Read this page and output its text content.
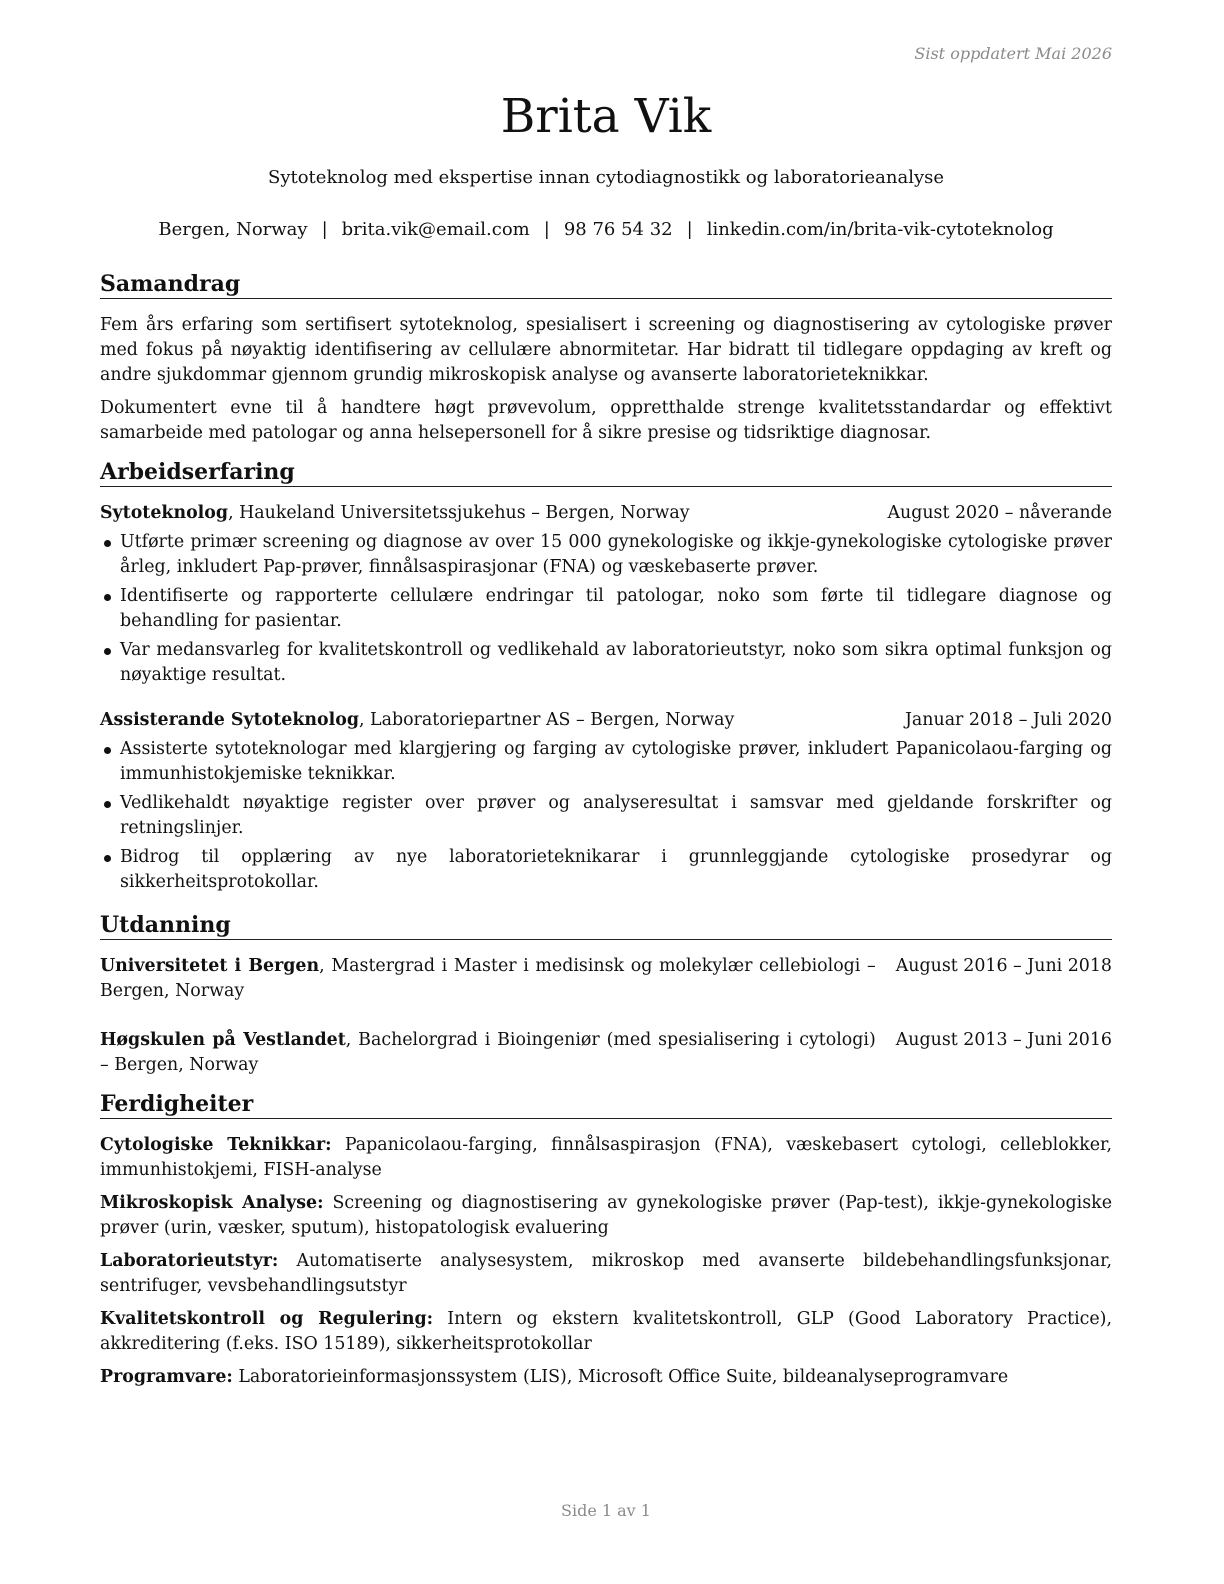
Sist oppdatert Mai 2026
Brita Vik
Sytoteknolog med ekspertise innan cytodiagnostikk og laboratorieanalyse
Bergen, Norway | brita.vik@email.com | 98 76 54 32 | linkedin.com/in/brita-vik-cytoteknolog
Samandrag

Fem års erfaring som sertifisert sytoteknolog, spesialisert i screening og diagnostisering av cytologiske prøver med fokus på nøyaktig identifisering av cellulære abnormitetar. Har bidratt til tidlegare oppdaging av kreft og andre sjukdommar gjennom grundig mikroskopisk analyse og avanserte laboratorieteknikkar.

Dokumentert evne til å handtere høgt prøvevolum, oppretthalde strenge kvalitetsstandardar og effektivt samarbeide med patologar og anna helsepersonell for å sikre presise og tidsriktige diagnosar.

Arbeidserfaring
Sytoteknolog, Haukeland Universitetssjukehus – Bergen, Norway	August 2020 – nåverande
Utførte primær screening og diagnose av over 15 000 gynekologiske og ikkje-gynekologiske cytologiske prøver årleg, inkludert Pap-prøver, finnålsaspirasjonar (FNA) og væskebaserte prøver.
Identifiserte og rapporterte cellulære endringar til patologar, noko som førte til tidlegare diagnose og behandling for pasientar.
Var medansvarleg for kvalitetskontroll og vedlikehald av laboratorieutstyr, noko som sikra optimal funksjon og nøyaktige resultat.
Assisterande Sytoteknolog, Laboratoriepartner AS – Bergen, Norway	Januar 2018 – Juli 2020
Assisterte sytoteknologar med klargjering og farging av cytologiske prøver, inkludert Papanicolaou-farging og immunhistokjemiske teknikkar.
Vedlikehaldt nøyaktige register over prøver og analyseresultat i samsvar med gjeldande forskrifter og retningslinjer.
Bidrog til opplæring av nye laboratorieteknikarar i grunnleggjande cytologiske prosedyrar og sikkerheitsprotokollar.
Utdanning
Universitetet i Bergen, Mastergrad i Master i medisinsk og molekylær cellebiologi – Bergen, Norway
August 2016 – Juni 2018
Høgskulen på Vestlandet, Bachelorgrad i Bioingeniør (med spesialisering i cytologi) – Bergen, Norway
August 2013 – Juni 2016
Ferdigheiter

Cytologiske Teknikkar: Papanicolaou-farging, finnålsaspirasjon (FNA), væskebasert cytologi, celleblokker, immunhistokjemi, FISH-analyse

Mikroskopisk Analyse: Screening og diagnostisering av gynekologiske prøver (Pap-test), ikkje-gynekologiske prøver (urin, væsker, sputum), histopatologisk evaluering

Laboratorieutstyr: Automatiserte analysesystem, mikroskop med avanserte bildebehandlingsfunksjonar, sentrifuger, vevsbehandlingsutstyr

Kvalitetskontroll og Regulering: Intern og ekstern kvalitetskontroll, GLP (Good Laboratory Practice), akkreditering (f.eks. ISO 15189), sikkerheitsprotokollar

Programvare: Laboratorieinformasjonssystem (LIS), Microsoft Office Suite, bildeanalyseprogramvare

Side 1 av 1
